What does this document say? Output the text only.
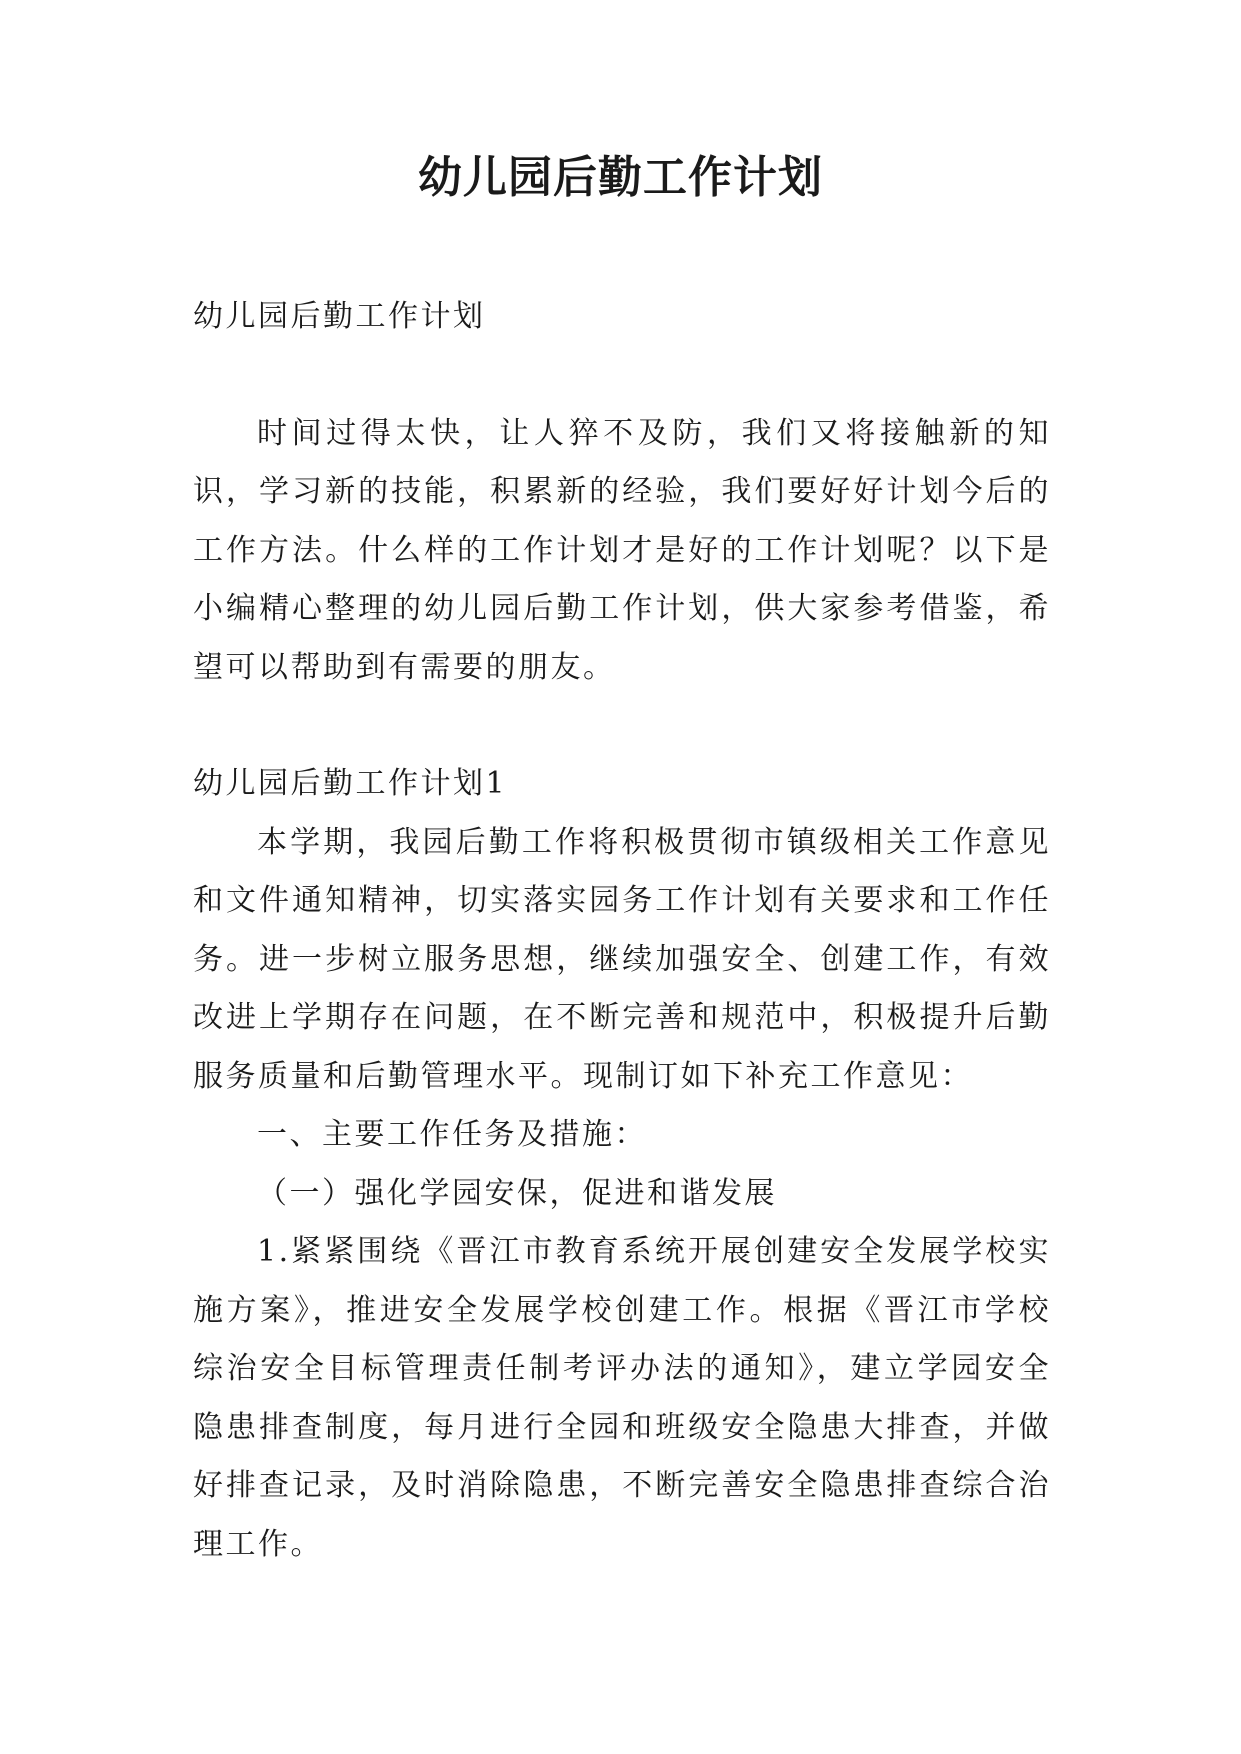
幼儿园后勤工作计划

幼儿园后勤工作计划

时间过得太快，让人猝不及防，我们又将接触新的知识，学习新的技能，积累新的经验，我们要好好计划今后的工作方法。什么样的工作计划才是好的工作计划呢？以下是小编精心整理的幼儿园后勤工作计划，供大家参考借鉴，希望可以帮助到有需要的朋友。

幼儿园后勤工作计划1

本学期，我园后勤工作将积极贯彻市镇级相关工作意见和文件通知精神，切实落实园务工作计划有关要求和工作任务。进一步树立服务思想，继续加强安全、创建工作，有效改进上学期存在问题，在不断完善和规范中，积极提升后勤服务质量和后勤管理水平。现制订如下补充工作意见：

一、主要工作任务及措施：

（一）强化学园安保，促进和谐发展

1.紧紧围绕《晋江市教育系统开展创建安全发展学校实施方案》，推进安全发展学校创建工作。根据《晋江市学校综治安全目标管理责任制考评办法的通知》，建立学园安全隐患排查制度，每月进行全园和班级安全隐患大排查，并做好排查记录，及时消除隐患，不断完善安全隐患排查综合治理工作。
